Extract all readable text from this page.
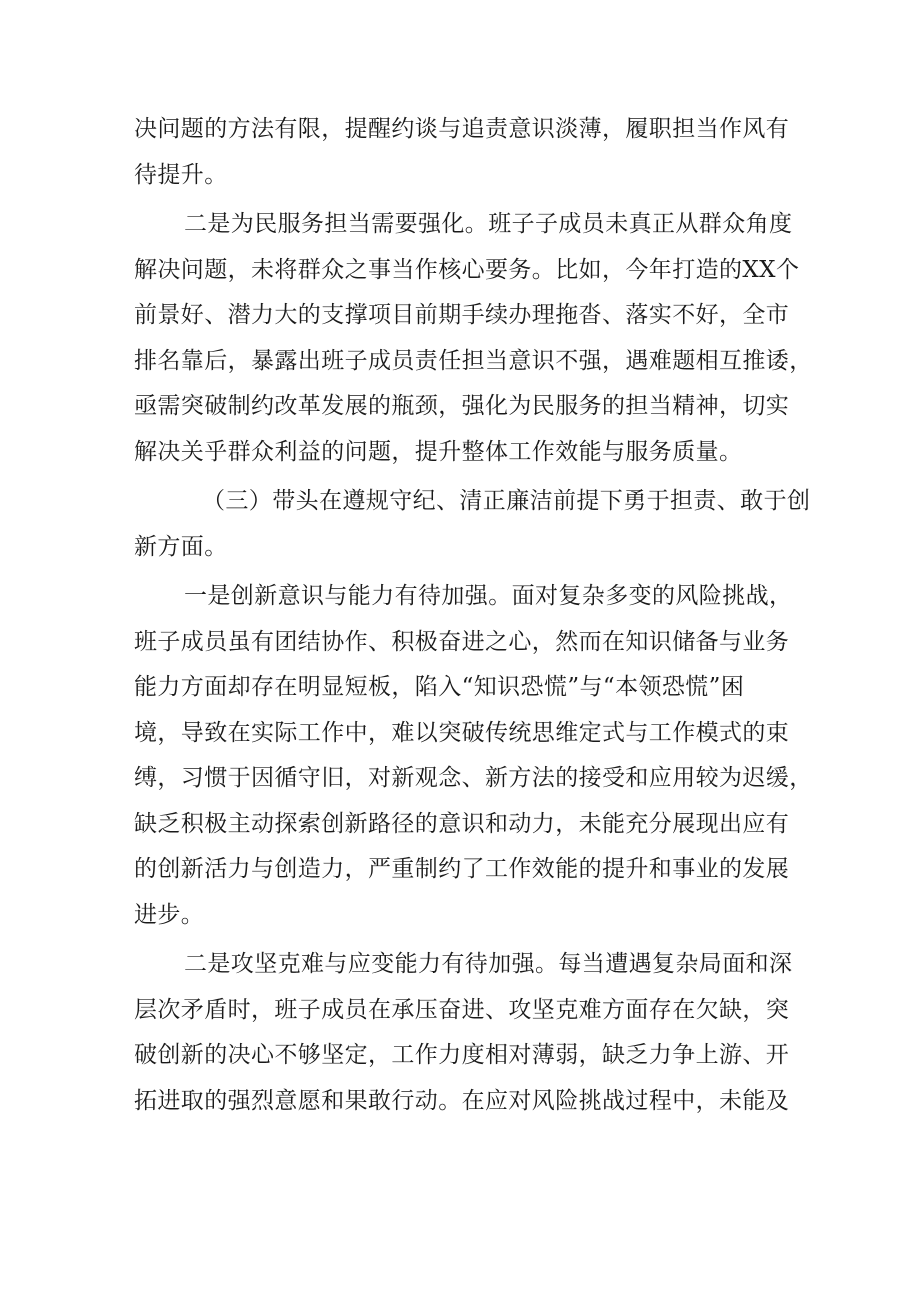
决问题的方法有限，提醒约谈与追责意识淡薄，履职担当作风有
待提升。
二是为民服务担当需要强化。班子子成员未真正从群众角度
解决问题，未将群众之事当作核心要务。比如，今年打造的XX个
前景好、潜力大的支撑项目前期手续办理拖沓、落实不好，全市
排名靠后，暴露出班子成员责任担当意识不强，遇难题相互推诿，
亟需突破制约改革发展的瓶颈，强化为民服务的担当精神，切实
解决关乎群众利益的问题，提升整体工作效能与服务质量。
（三）带头在遵规守纪、清正廉洁前提下勇于担责、敢于创
新方面。
一是创新意识与能力有待加强。面对复杂多变的风险挑战，
班子成员虽有团结协作、积极奋进之心，然而在知识储备与业务
能力方面却存在明显短板，陷入“知识恐慌”与“本领恐慌”困
境，导致在实际工作中，难以突破传统思维定式与工作模式的束
缚，习惯于因循守旧，对新观念、新方法的接受和应用较为迟缓，
缺乏积极主动探索创新路径的意识和动力，未能充分展现出应有
的创新活力与创造力，严重制约了工作效能的提升和事业的发展
进步。
二是攻坚克难与应变能力有待加强。每当遭遇复杂局面和深
层次矛盾时，班子成员在承压奋进、攻坚克难方面存在欠缺，突
破创新的决心不够坚定，工作力度相对薄弱，缺乏力争上游、开
拓进取的强烈意愿和果敢行动。在应对风险挑战过程中，未能及
